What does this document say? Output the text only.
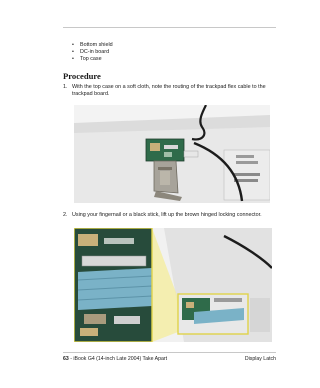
• Bottom shield
• DC-in board
• Top case
Procedure
1. With the top case on a soft cloth, note the routing of the trackpad flex cable to the trackpad board.
2. Using your fingernail or a black stick, lift up the brown hinged locking connector.
63 - iBook G4 (14-inch Late 2004) Take Apart	Display Latch
